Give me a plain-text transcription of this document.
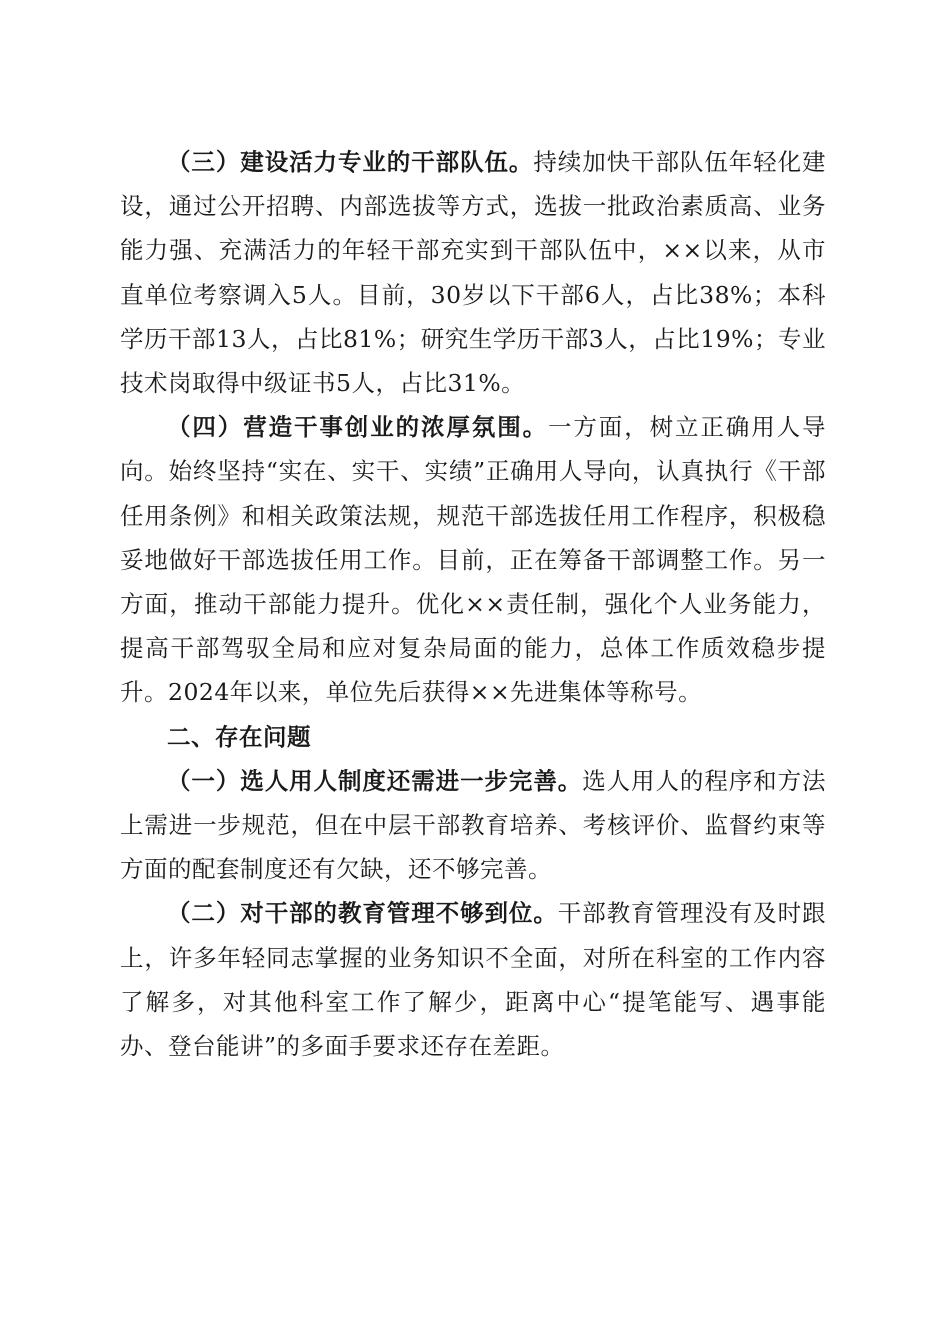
（三）建设活力专业的干部队伍。持续加快干部队伍年轻化建设，通过公开招聘、内部选拔等方式，选拔一批政治素质高、业务能力强、充满活力的年轻干部充实到干部队伍中，××以来，从市直单位考察调入5人。目前，30岁以下干部6人，占比38%；本科学历干部13人，占比81%；研究生学历干部3人，占比19%；专业技术岗取得中级证书5人，占比31%。

（四）营造干事创业的浓厚氛围。一方面，树立正确用人导向。始终坚持“实在、实干、实绩”正确用人导向，认真执行《干部任用条例》和相关政策法规，规范干部选拔任用工作程序，积极稳妥地做好干部选拔任用工作。目前，正在筹备干部调整工作。另一方面，推动干部能力提升。优化××责任制，强化个人业务能力，提高干部驾驭全局和应对复杂局面的能力，总体工作质效稳步提升。2024年以来，单位先后获得××先进集体等称号。

二、存在问题

（一）选人用人制度还需进一步完善。选人用人的程序和方法上需进一步规范，但在中层干部教育培养、考核评价、监督约束等方面的配套制度还有欠缺，还不够完善。

（二）对干部的教育管理不够到位。干部教育管理没有及时跟上，许多年轻同志掌握的业务知识不全面，对所在科室的工作内容了解多，对其他科室工作了解少，距离中心“提笔能写、遇事能办、登台能讲”的多面手要求还存在差距。
